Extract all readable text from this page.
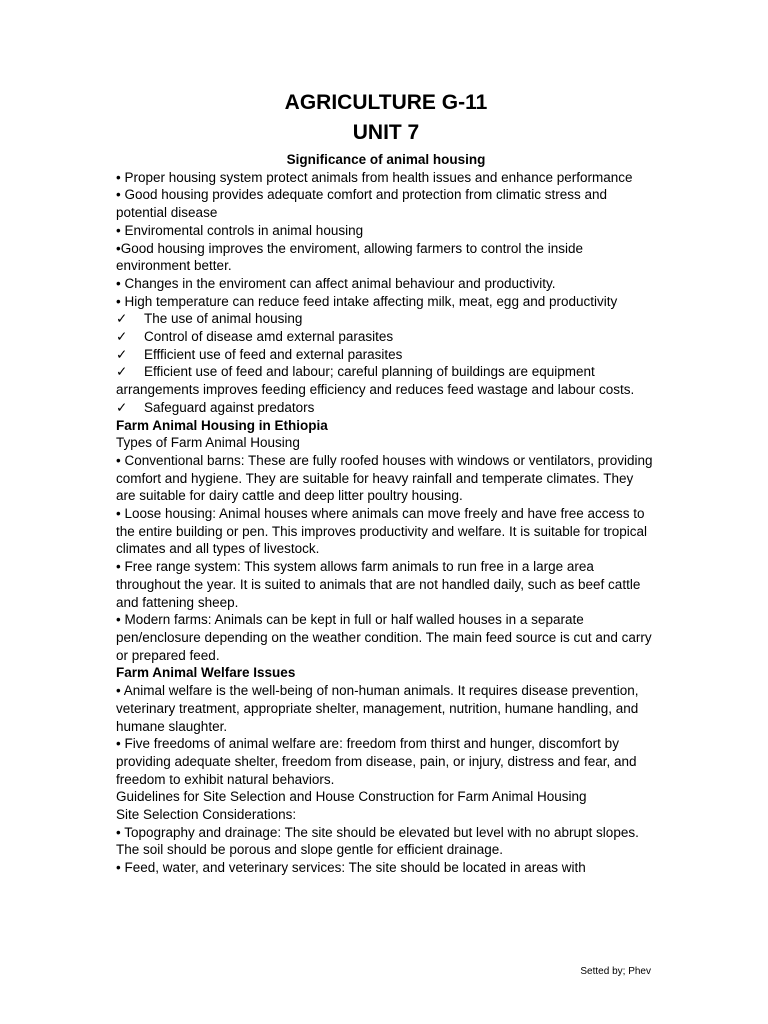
AGRICULTURE G-11
UNIT 7
Significance of animal housing
• Proper housing system protect animals from health issues and enhance performance
• Good housing provides adequate comfort and protection from climatic stress and potential disease
• Enviromental controls in animal housing
•Good housing improves the enviroment, allowing farmers to control the inside environment better.
• Changes in the enviroment can affect animal behaviour and productivity.
• High temperature can reduce feed intake affecting milk, meat, egg and productivity
✓ The use of animal housing
✓ Control of disease amd external parasites
✓ Effficient use of feed and external parasites
✓	Efficient use of feed and labour; careful planning of buildings are equipment arrangements improves feeding efficiency and reduces feed wastage and labour costs.
✓ Safeguard against predators
Farm Animal Housing in Ethiopia
Types of Farm Animal Housing
• Conventional barns: These are fully roofed houses with windows or ventilators, providing comfort and hygiene. They are suitable for heavy rainfall and temperate climates. They are suitable for dairy cattle and deep litter poultry housing.
• Loose housing: Animal houses where animals can move freely and have free access to the entire building or pen. This improves productivity and welfare. It is suitable for tropical climates and all types of livestock.
• Free range system: This system allows farm animals to run free in a large area throughout the year. It is suited to animals that are not handled daily, such as beef cattle and fattening sheep.
• Modern farms: Animals can be kept in full or half walled houses in a separate pen/enclosure depending on the weather condition. The main feed source is cut and carry or prepared feed.
Farm Animal Welfare Issues
• Animal welfare is the well-being of non-human animals. It requires disease prevention, veterinary treatment, appropriate shelter, management, nutrition, humane handling, and humane slaughter.
• Five freedoms of animal welfare are: freedom from thirst and hunger, discomfort by providing adequate shelter, freedom from disease, pain, or injury, distress and fear, and freedom to exhibit natural behaviors.
Guidelines for Site Selection and House Construction for Farm Animal Housing
Site Selection Considerations:
• Topography and drainage: The site should be elevated but level with no abrupt slopes. The soil should be porous and slope gentle for efficient drainage.
• Feed, water, and veterinary services: The site should be located in areas with
Setted by; Phev
